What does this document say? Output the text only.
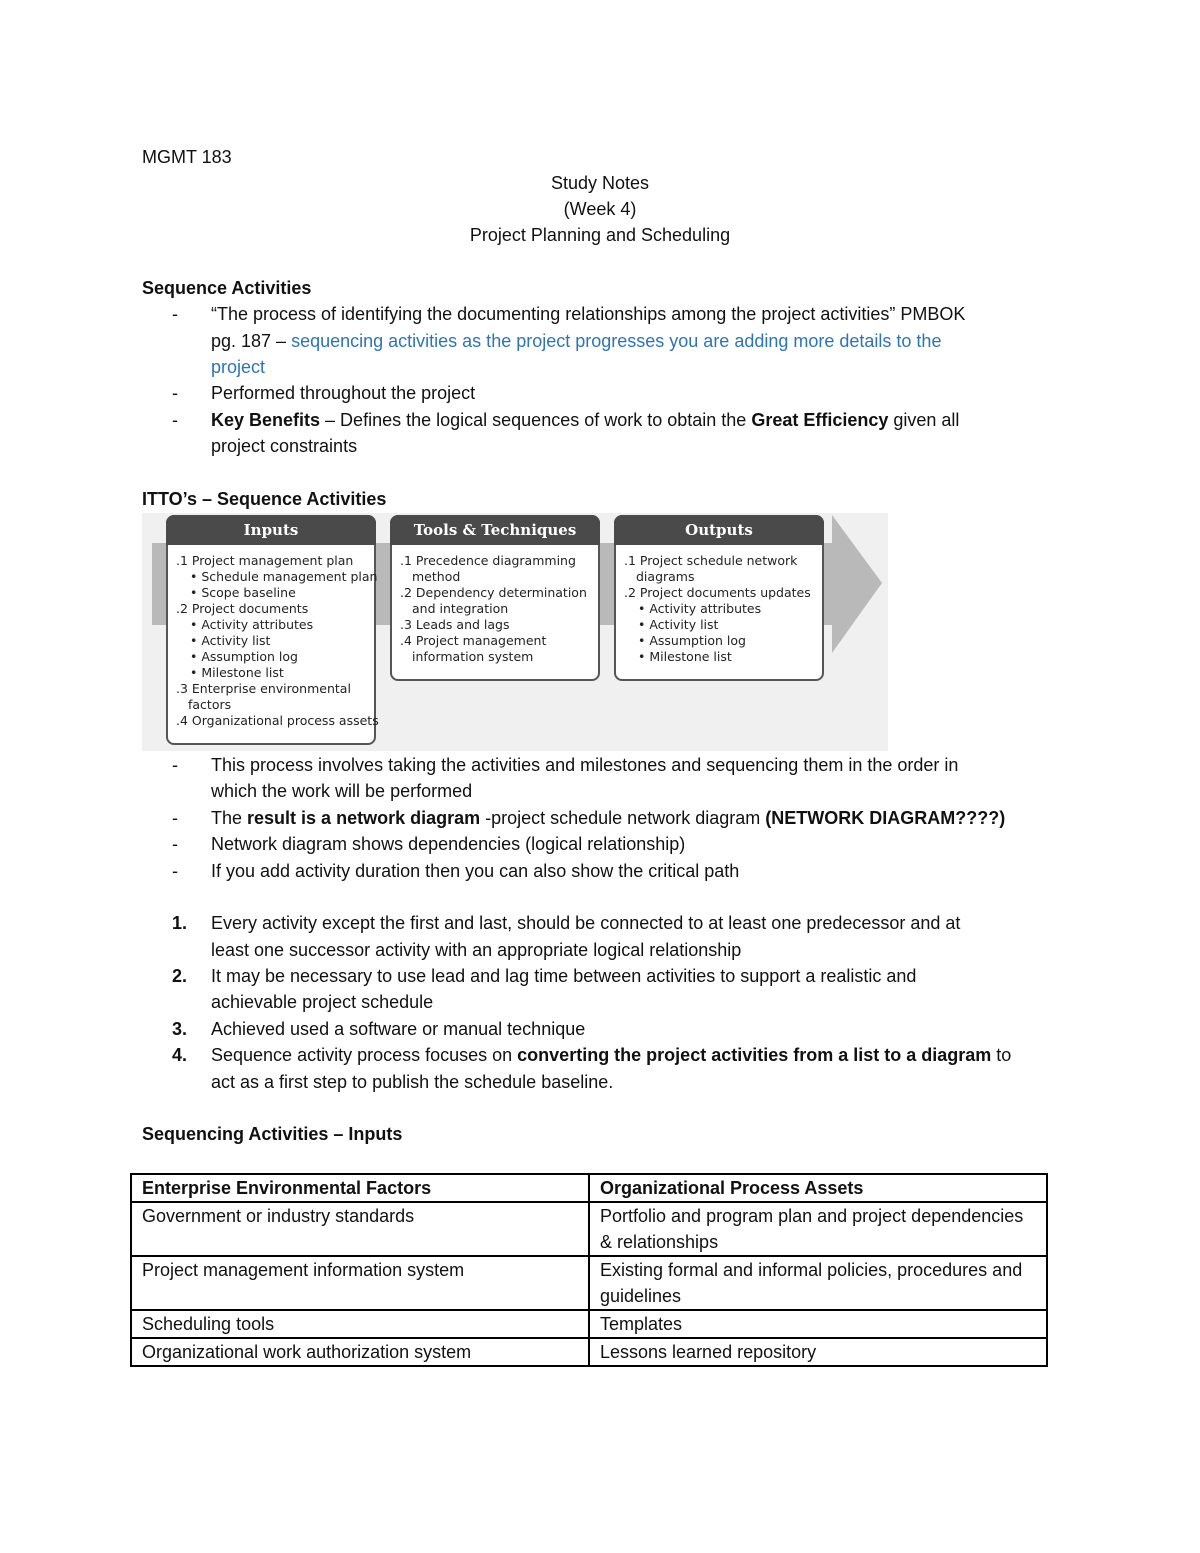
MGMT 183
Study Notes
(Week 4)
Project Planning and Scheduling
Sequence Activities
- “The process of identifying the documenting relationships among the project activities” PMBOK
pg. 187 – sequencing activities as the project progresses you are adding more details to the
project
- Performed throughout the project
- Key Benefits – Defines the logical sequences of work to obtain the Great Efficiency given all
project constraints
ITTO’s – Sequence Activities
Inputs
.1 Project management plan
• Schedule management plan
• Scope baseline
.2 Project documents
• Activity attributes
• Activity list
• Assumption log
• Milestone list
.3 Enterprise environmental
factors
.4 Organizational process assets
Tools & Techniques
.1 Precedence diagramming
method
.2 Dependency determination
and integration
.3 Leads and lags
.4 Project management
information system
Outputs
.1 Project schedule network
diagrams
.2 Project documents updates
• Activity attributes
• Activity list
• Assumption log
• Milestone list
- This process involves taking the activities and milestones and sequencing them in the order in
which the work will be performed
- The result is a network diagram -project schedule network diagram (NETWORK DIAGRAM????)
- Network diagram shows dependencies (logical relationship)
- If you add activity duration then you can also show the critical path
1. Every activity except the first and last, should be connected to at least one predecessor and at
least one successor activity with an appropriate logical relationship
2. It may be necessary to use lead and lag time between activities to support a realistic and
achievable project schedule
3. Achieved used a software or manual technique
4. Sequence activity process focuses on converting the project activities from a list to a diagram to
act as a first step to publish the schedule baseline.
Sequencing Activities – Inputs
Enterprise Environmental Factors	Organizational Process Assets
Government or industry standards	Portfolio and program plan and project dependencies & relationships
Project management information system	Existing formal and informal policies, procedures and guidelines
Scheduling tools	Templates
Organizational work authorization system	Lessons learned repository
